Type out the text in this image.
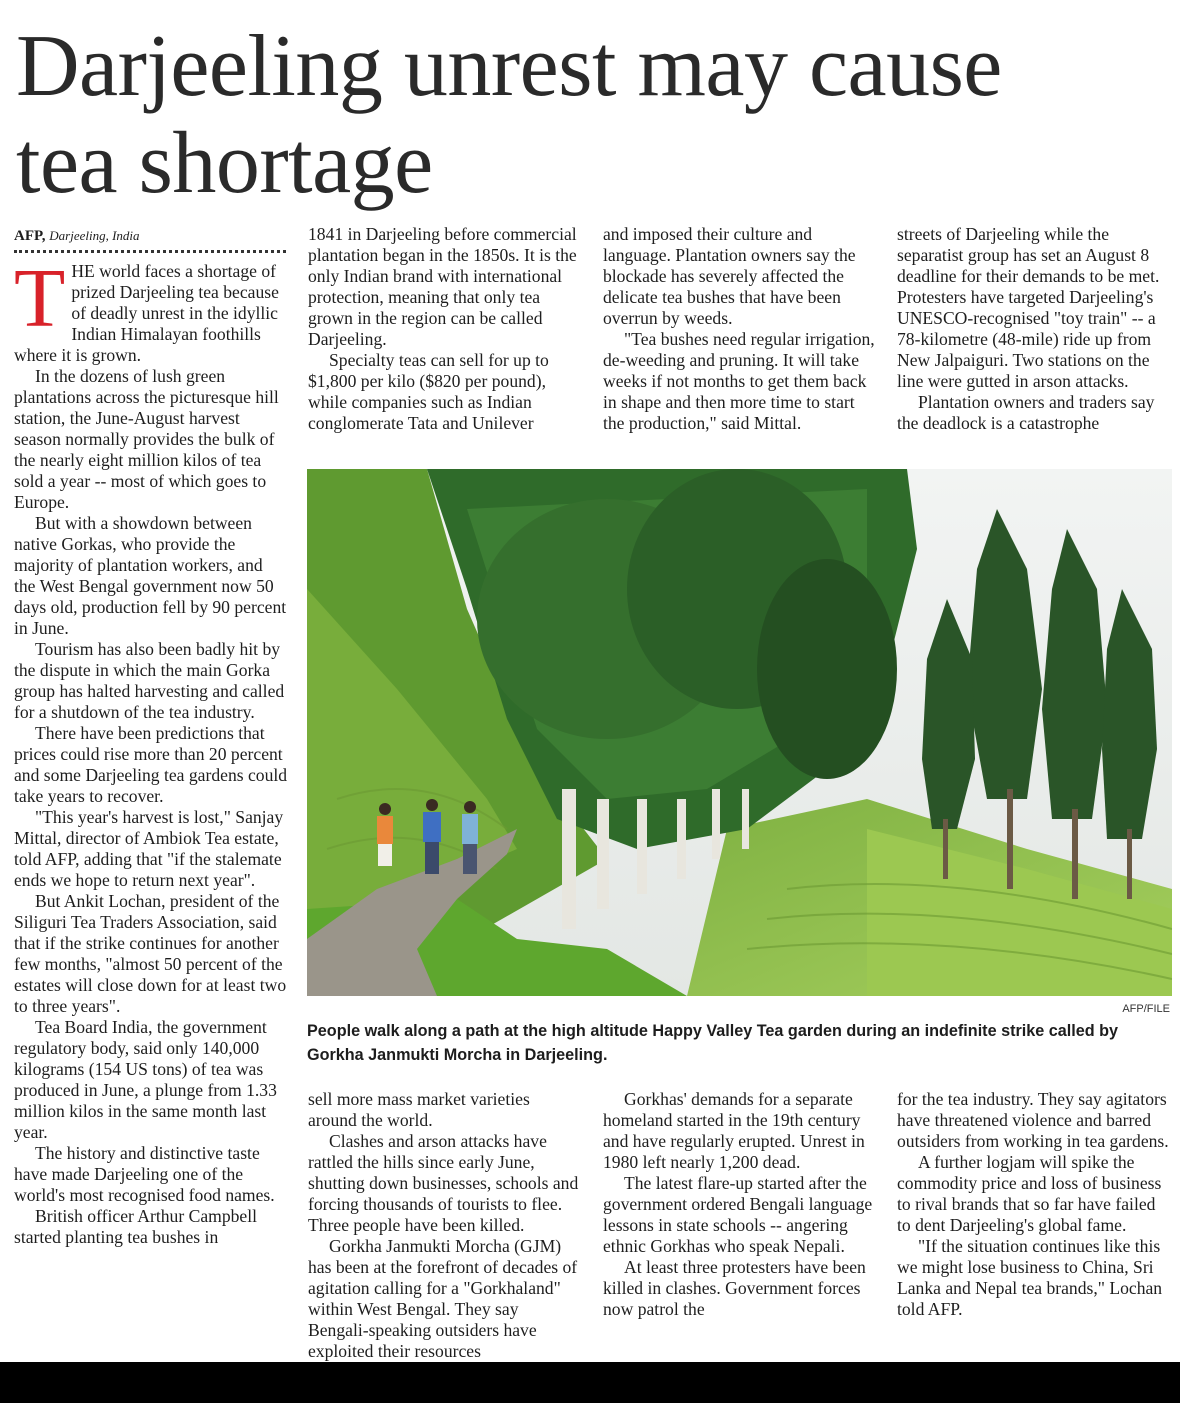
Darjeeling unrest may cause tea shortage
AFP, Darjeeling, India
T HE world faces a shortage of prized Darjeeling tea because of deadly unrest in the idyllic Indian Himalayan foothills where it is grown.

In the dozens of lush green plantations across the picturesque hill station, the June-August harvest season normally provides the bulk of the nearly eight million kilos of tea sold a year -- most of which goes to Europe.

But with a showdown between native Gorkas, who provide the majority of plantation workers, and the West Bengal government now 50 days old, production fell by 90 percent in June.

Tourism has also been badly hit by the dispute in which the main Gorka group has halted harvesting and called for a shutdown of the tea industry.

There have been predictions that prices could rise more than 20 percent and some Darjeeling tea gardens could take years to recover.

"This year's harvest is lost," Sanjay Mittal, director of Ambiok Tea estate, told AFP, adding that "if the stalemate ends we hope to return next year".

But Ankit Lochan, president of the Siliguri Tea Traders Association, said that if the strike continues for another few months, "almost 50 percent of the estates will close down for at least two to three years".

Tea Board India, the government regulatory body, said only 140,000 kilograms (154 US tons) of tea was produced in June, a plunge from 1.33 million kilos in the same month last year.

The history and distinctive taste have made Darjeeling one of the world's most recognised food names.

British officer Arthur Campbell started planting tea bushes in

1841 in Darjeeling before commercial plantation began in the 1850s. It is the only Indian brand with international protection, meaning that only tea grown in the region can be called Darjeeling.

Specialty teas can sell for up to $1,800 per kilo ($820 per pound), while companies such as Indian conglomerate Tata and Unilever

and imposed their culture and language. Plantation owners say the blockade has severely affected the delicate tea bushes that have been overrun by weeds.

"Tea bushes need regular irrigation, de-weeding and pruning. It will take weeks if not months to get them back in shape and then more time to start the production," said Mittal.

streets of Darjeeling while the separatist group has set an August 8 deadline for their demands to be met. Protesters have targeted Darjeeling's UNESCO-recognised "toy train" -- a 78-kilometre (48-mile) ride up from New Jalpaiguri. Two stations on the line were gutted in arson attacks.

Plantation owners and traders say the deadlock is a catastrophe

AFP/FILE

People walk along a path at the high altitude Happy Valley Tea garden during an indefinite strike called by Gorkha Janmukti Morcha in Darjeeling.

sell more mass market varieties around the world.

Clashes and arson attacks have rattled the hills since early June, shutting down businesses, schools and forcing thousands of tourists to flee. Three people have been killed.

Gorkha Janmukti Morcha (GJM) has been at the forefront of decades of agitation calling for a "Gorkhaland" within West Bengal. They say Bengali-speaking outsiders have exploited their resources

Gorkhas' demands for a separate homeland started in the 19th century and have regularly erupted. Unrest in 1980 left nearly 1,200 dead.

The latest flare-up started after the government ordered Bengali language lessons in state schools -- angering ethnic Gorkhas who speak Nepali.

At least three protesters have been killed in clashes. Government forces now patrol the

for the tea industry. They say agitators have threatened violence and barred outsiders from working in tea gardens.

A further logjam will spike the commodity price and loss of business to rival brands that so far have failed to dent Darjeeling's global fame.

"If the situation continues like this we might lose business to China, Sri Lanka and Nepal tea brands," Lochan told AFP.
